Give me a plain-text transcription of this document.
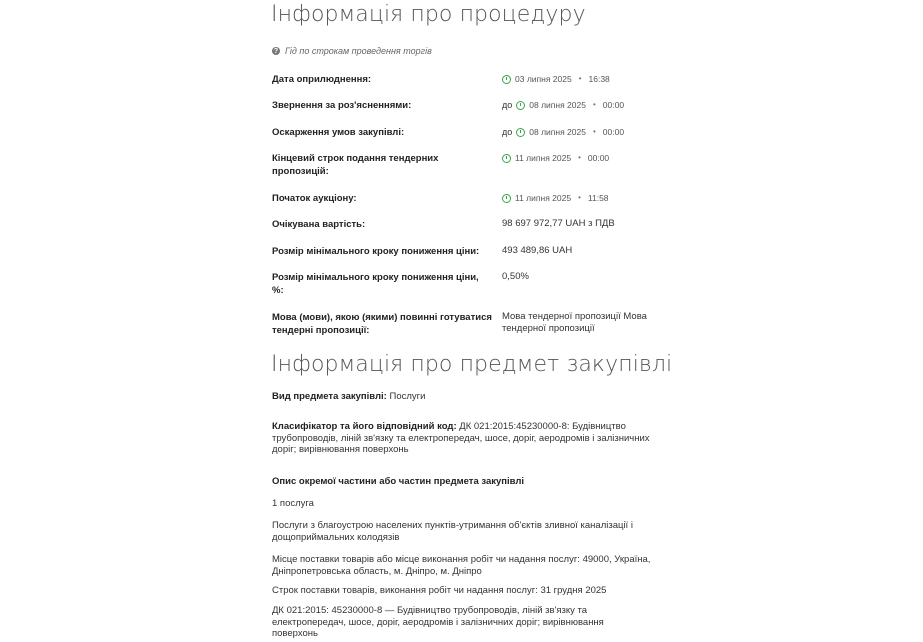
Інформація про процедуру
? Гід по строкам проведення торгів
Дата оприлюднення:	03 липня 2025 • 16:38
Звернення за роз'ясненнями:	до 08 липня 2025 • 00:00
Оскарження умов закупівлі:	до 08 липня 2025 • 00:00
Кінцевий строк подання тендерних пропозицій:
11 липня 2025 • 00:00
Початок аукціону:	11 липня 2025 • 11:58
Очікувана вартість:	98 697 972,77 UAH з ПДВ
Розмір мінімального кроку пониження ціни:	493 489,86 UAH
Розмір мінімального кроку пониження ціни, %:
0,50%
Мова (мови), якою (якими) повинні готуватися тендерні пропозиції:
Мова тендерної пропозиції Мова тендерної пропозиції
Інформація про предмет закупівлі
Вид предмета закупівлі: Послуги
Класифікатор та його відповідний код: ДК 021:2015:45230000-8: Будівництво трубопроводів, ліній зв'язку та електропередач, шосе, доріг, аеродромів і залізничних доріг; вирівнювання поверхонь
Опис окремої частини або частин предмета закупівлі
1 послуга
Послуги з благоустрою населених пунктів-утримання об'єктів зливної каналізації і дощоприймальних колодязів
Місце поставки товарів або місце виконання робіт чи надання послуг: 49000, Україна, Дніпропетровська область, м. Дніпро, м. Дніпро
Строк поставки товарів, виконання робіт чи надання послуг: 31 грудня 2025
ДК 021:2015: 45230000-8 — Будівництво трубопроводів, ліній зв'язку та електропередач, шосе, доріг, аеродромів і залізничних доріг; вирівнювання поверхонь
